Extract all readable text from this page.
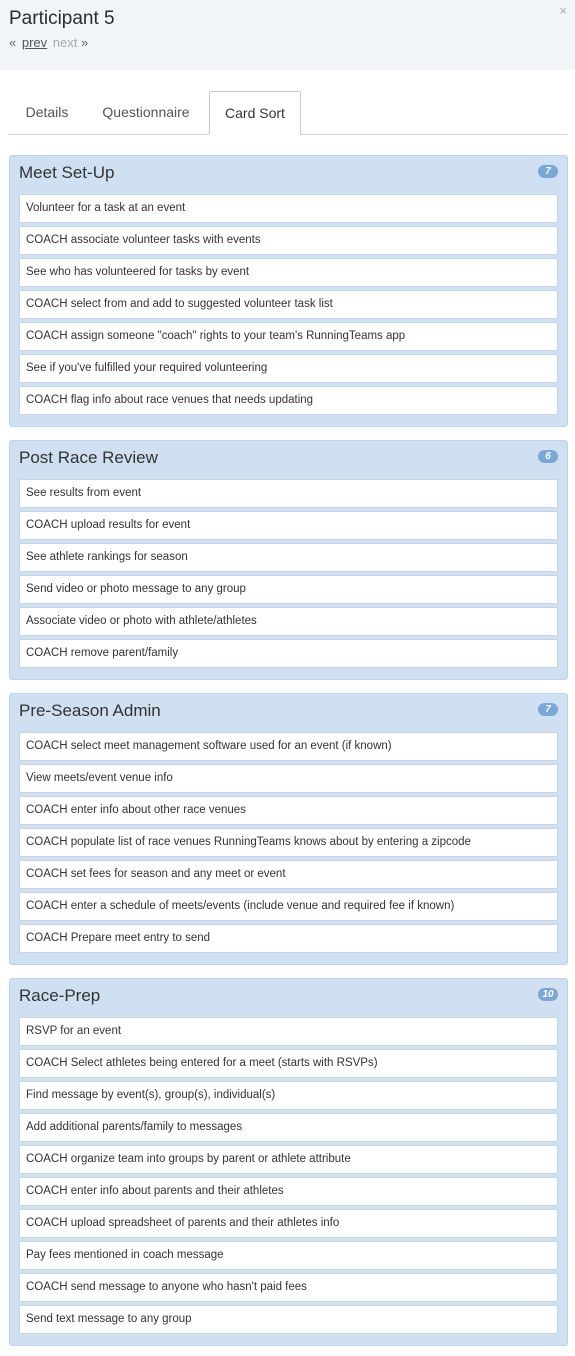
Participant 5
« prev next »
×
Details	Questionnaire	Card Sort
Meet Set-Up	7
Volunteer for a task at an event
COACH associate volunteer tasks with events
See who has volunteered for tasks by event
COACH select from and add to suggested volunteer task list
COACH assign someone "coach" rights to your team's RunningTeams app
See if you've fulfilled your required volunteering
COACH flag info about race venues that needs updating
Post Race Review	6
See results from event
COACH upload results for event
See athlete rankings for season
Send video or photo message to any group
Associate video or photo with athlete/athletes
COACH remove parent/family
Pre-Season Admin	7
COACH select meet management software used for an event (if known)
View meets/event venue info
COACH enter info about other race venues
COACH populate list of race venues RunningTeams knows about by entering a zipcode
COACH set fees for season and any meet or event
COACH enter a schedule of meets/events (include venue and required fee if known)
COACH Prepare meet entry to send
Race-Prep	10
RSVP for an event
COACH Select athletes being entered for a meet (starts with RSVPs)
Find message by event(s), group(s), individual(s)
Add additional parents/family to messages
COACH organize team into groups by parent or athlete attribute
COACH enter info about parents and their athletes
COACH upload spreadsheet of parents and their athletes info
Pay fees mentioned in coach message
COACH send message to anyone who hasn't paid fees
Send text message to any group
